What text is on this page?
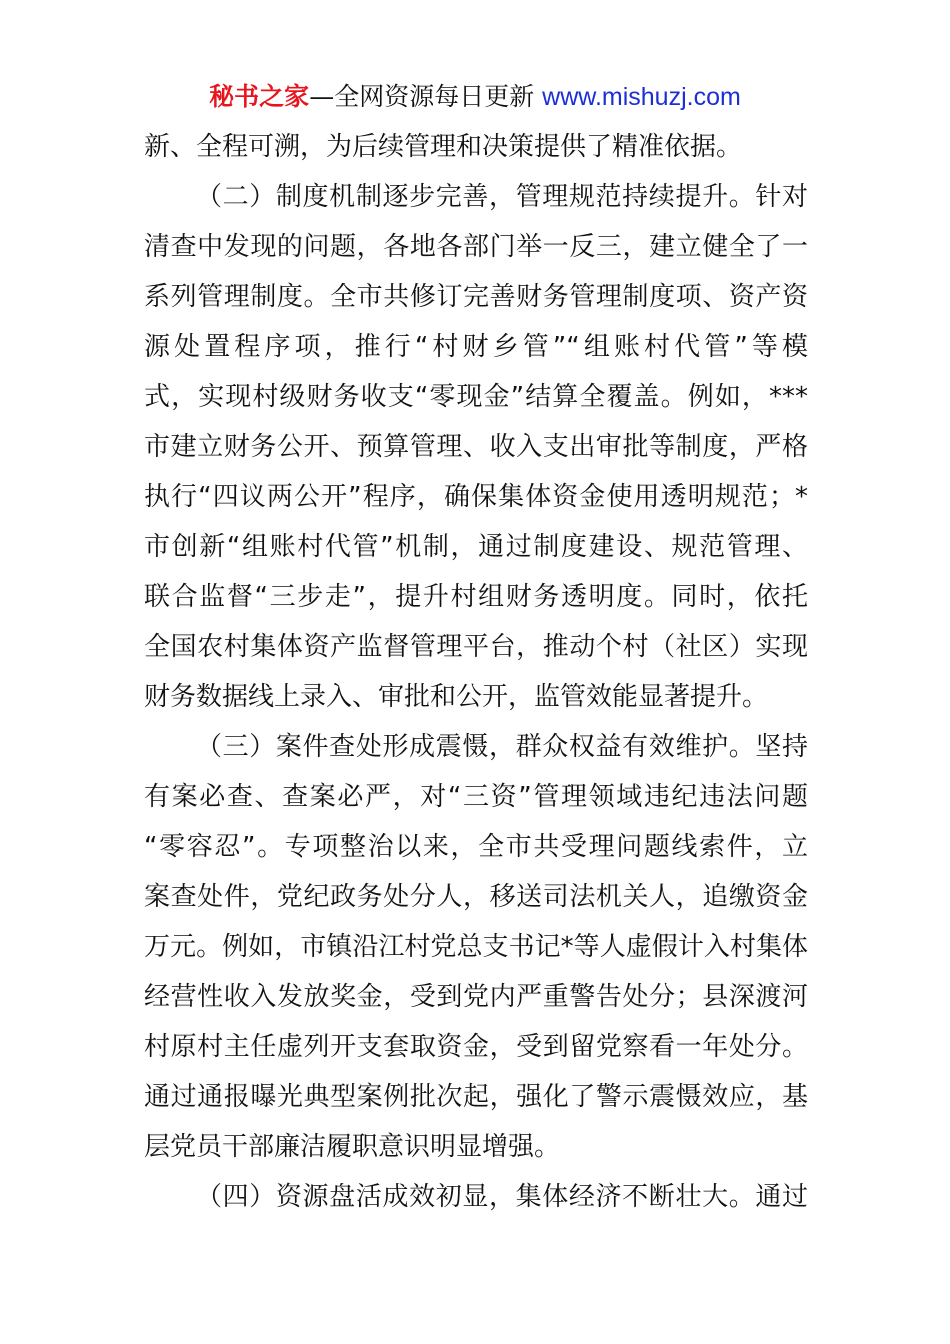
秘书之家—全网资源每日更新 www.mishuzj.com
新、全程可溯，为后续管理和决策提供了精准依据。
（二）制度机制逐步完善，管理规范持续提升。针对
清查中发现的问题，各地各部门举一反三，建立健全了一
系列管理制度。全市共修订完善财务管理制度项、资产资
源处置程序项，推行“村财乡管”“组账村代管”等模
式，实现村级财务收支“零现金”结算全覆盖。例如，***
市建立财务公开、预算管理、收入支出审批等制度，严格
执行“四议两公开”程序，确保集体资金使用透明规范；*
市创新“组账村代管”机制，通过制度建设、规范管理、
联合监督“三步走”，提升村组财务透明度。同时，依托
全国农村集体资产监督管理平台，推动个村（社区）实现
财务数据线上录入、审批和公开，监管效能显著提升。
（三）案件查处形成震慑，群众权益有效维护。坚持
有案必查、查案必严，对“三资”管理领域违纪违法问题
“零容忍”。专项整治以来，全市共受理问题线索件，立
案查处件，党纪政务处分人，移送司法机关人，追缴资金
万元。例如，市镇沿江村党总支书记*等人虚假计入村集体
经营性收入发放奖金，受到党内严重警告处分；县深渡河
村原村主任虚列开支套取资金，受到留党察看一年处分。
通过通报曝光典型案例批次起，强化了警示震慑效应，基
层党员干部廉洁履职意识明显增强。
（四）资源盘活成效初显，集体经济不断壮大。通过
